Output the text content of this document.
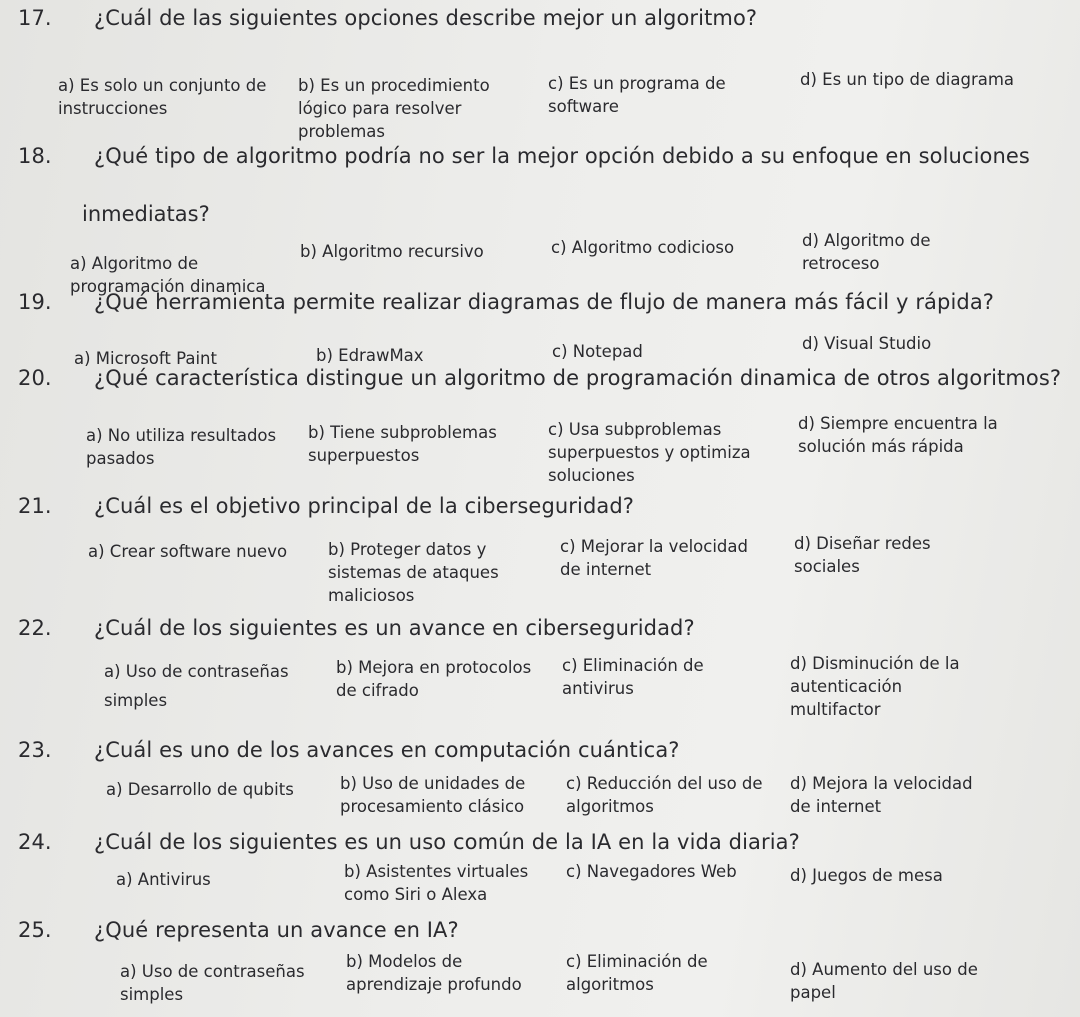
17. ¿Cuál de las siguientes opciones describe mejor un algoritmo?
a) Es solo un conjunto de
instrucciones
b) Es un procedimiento
lógico para resolver
problemas
c) Es un programa de
software
d) Es un tipo de diagrama
18. ¿Qué tipo de algoritmo podría no ser la mejor opción debido a su enfoque en soluciones
inmediatas?
a) Algoritmo de
programación dinamica
b) Algoritmo recursivo	c) Algoritmo codicioso	d) Algoritmo de
retroceso
19. ¿Qué herramienta permite realizar diagramas de flujo de manera más fácil y rápida?
a) Microsoft Paint	b) EdrawMax	c) Notepad	d) Visual Studio
20. ¿Qué característica distingue un algoritmo de programación dinamica de otros algoritmos?
a) No utiliza resultados
pasados
b) Tiene subproblemas
superpuestos
c) Usa subproblemas
superpuestos y optimiza
soluciones
d) Siempre encuentra la
solución más rápida
21. ¿Cuál es el objetivo principal de la ciberseguridad?
a) Crear software nuevo b) Proteger datos y
sistemas de ataques
maliciosos
c) Mejorar la velocidad
de internet
d) Diseñar redes
sociales
22. ¿Cuál de los siguientes es un avance en ciberseguridad?
a) Uso de contraseñas
simples
b) Mejora en protocolos
de cifrado
c) Eliminación de
antivirus
d) Disminución de la
autenticación
multifactor
23. ¿Cuál es uno de los avances en computación cuántica?
a) Desarrollo de qubits	b) Uso de unidades de
procesamiento clásico
c) Reducción del uso de
algoritmos
d) Mejora la velocidad
de internet
24. ¿Cuál de los siguientes es un uso común de la IA en la vida diaria?
a) Antivirus	b) Asistentes virtuales
como Siri o Alexa
c) Navegadores Web	d) Juegos de mesa
25. ¿Qué representa un avance en IA?
a) Uso de contraseñas
simples
b) Modelos de
aprendizaje profundo
c) Eliminación de
algoritmos
d) Aumento del uso de
papel
